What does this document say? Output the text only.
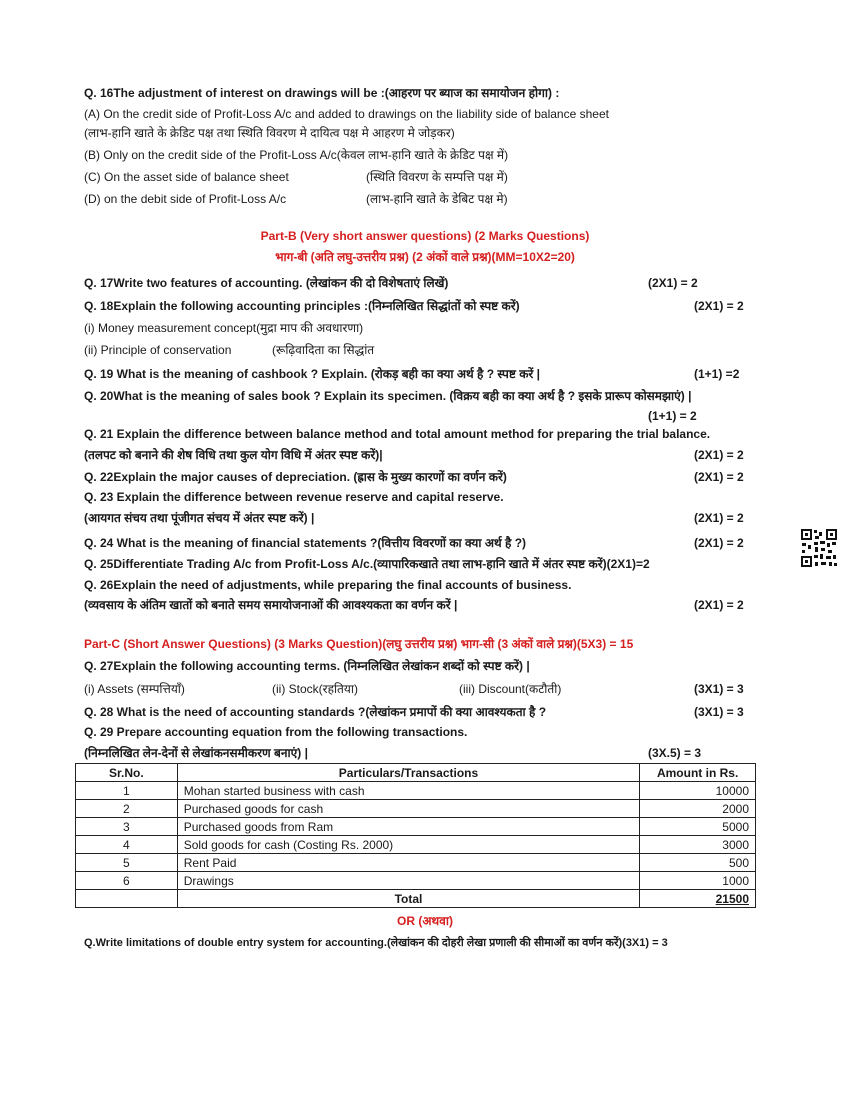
Q. 16The adjustment of interest on drawings will be :(आहरण पर ब्याज का समायोजन होगा) :
(A) On the credit side of Profit-Loss A/c and added to drawings on the liability side of balance sheet
(लाभ-हानि खाते के क्रेडिट पक्ष तथा स्थिति विवरण मे दायित्व पक्ष मे आहरण मे जोड़कर)
(B) Only on the credit side of the Profit-Loss A/c(केवल लाभ-हानि खाते के क्रेडिट पक्ष में)
(C) On the asset side of balance sheet	(स्थिति विवरण के सम्पत्ति पक्ष में)
(D) on the debit side of Profit-Loss A/c	(लाभ-हानि खाते के डेबिट पक्ष मे)
Part-B (Very short answer questions) (2 Marks Questions)
भाग-बी (अति लघु-उत्तरीय प्रश्न) (2 अंकों वाले प्रश्न)(MM=10X2=20)
Q. 17Write two features of accounting. (लेखांकन की दो विशेषताएं लिखें)	(2X1) = 2
Q. 18Explain the following accounting principles :(निम्नलिखित सिद्धांतों को स्पष्ट करें)	(2X1) = 2
(i) Money measurement concept(मुद्रा माप की अवधारणा)
(ii) Principle of conservation	(रूढ़िवादिता का सिद्धांत
Q. 19 What is the meaning of cashbook ? Explain. (रोकड़ बही का क्या अर्थ है ? स्पष्ट करें |	(1+1) =2
Q. 20What is the meaning of sales book ? Explain its specimen. (विक्रय बही का क्या अर्थ है ? इसके प्रारूप कोसमझाएं) |
(1+1) = 2
Q. 21 Explain the difference between balance method and total amount method for preparing the trial balance.
(तलपट को बनाने की शेष विधि तथा कुल योग विधि में अंतर स्पष्ट करें)|	(2X1) = 2
Q. 22Explain the major causes of depreciation. (ह्रास के मुख्य कारणों का वर्णन करें)	(2X1) = 2
Q. 23 Explain the difference between revenue reserve and capital reserve.
(आयगत संचय तथा पूंजीगत संचय में अंतर स्पष्ट करें) |	(2X1) = 2
Q. 24 What is the meaning of financial statements ?(वित्तीय विवरणों का क्या अर्थ है ?)	(2X1) = 2
Q. 25Differentiate Trading A/c from Profit-Loss A/c.(व्यापारिकखाते तथा लाभ-हानि खाते में अंतर स्पष्ट करें)(2X1)=2
Q. 26Explain the need of adjustments, while preparing the final accounts of business.
(व्यवसाय के अंतिम खातों को बनाते समय समायोजनाओं की आवश्यकता का वर्णन करें |	(2X1) = 2
Part-C (Short Answer Questions) (3 Marks Question)(लघु उत्तरीय प्रश्न) भाग-सी (3 अंकों वाले प्रश्न)(5X3) = 15
Q. 27Explain the following accounting terms. (निम्नलिखित लेखांकन शब्दों को स्पष्ट करें) |
(i) Assets (सम्पत्तियाँ)	(ii) Stock(रहतिया)	(iii) Discount(कटौती)	(3X1) = 3
Q. 28 What is the need of accounting standards ?(लेखांकन प्रमापों की क्या आवश्यकता है ?	(3X1) = 3
Q. 29 Prepare accounting equation from the following transactions.
(निम्नलिखित लेन-देनों से लेखांकनसमीकरण बनाएं) |	(3X.5) = 3
Sr.No.	Particulars/Transactions	Amount in Rs.
1	Mohan started business with cash	10000
2	Purchased goods for cash	2000
3	Purchased goods from Ram	5000
4	Sold goods for cash (Costing Rs. 2000)	3000
5	Rent Paid	500
6	Drawings	1000
	Total	21500
OR (अथवा)
Q.Write limitations of double entry system for accounting.(लेखांकन की दोहरी लेखा प्रणाली की सीमाओं का वर्णन करें)(3X1) = 3
